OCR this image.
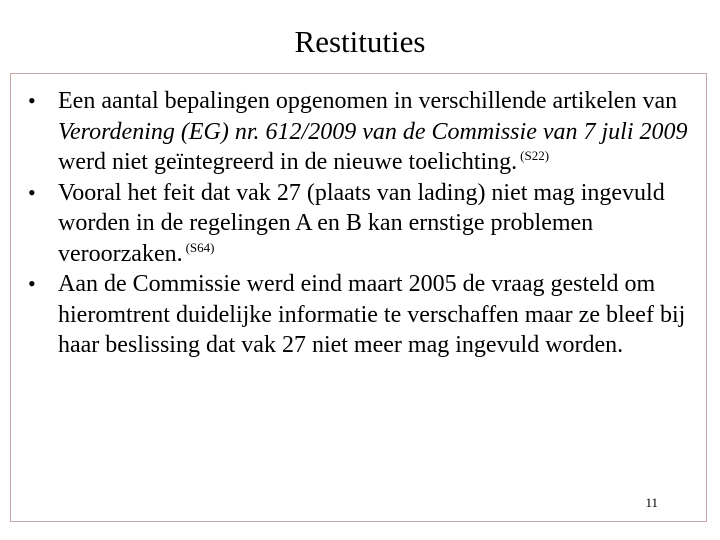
Restituties
• Een aantal bepalingen opgenomen in verschillende artikelen van Verordening (EG) nr. 612/2009 van de Commissie van 7 juli 2009 werd niet geïntegreerd in de nieuwe toelichting. $^{(S22)}$
• Vooral het feit dat vak 27 (plaats van lading) niet mag ingevuld worden in de regelingen A en B kan ernstige problemen veroorzaken. $^{(S64)}$
• Aan de Commissie werd eind maart 2005 de vraag gesteld om hieromtrent duidelijke informatie te verschaffen maar ze bleef bij haar beslissing dat vak 27 niet meer mag ingevuld worden.
11
